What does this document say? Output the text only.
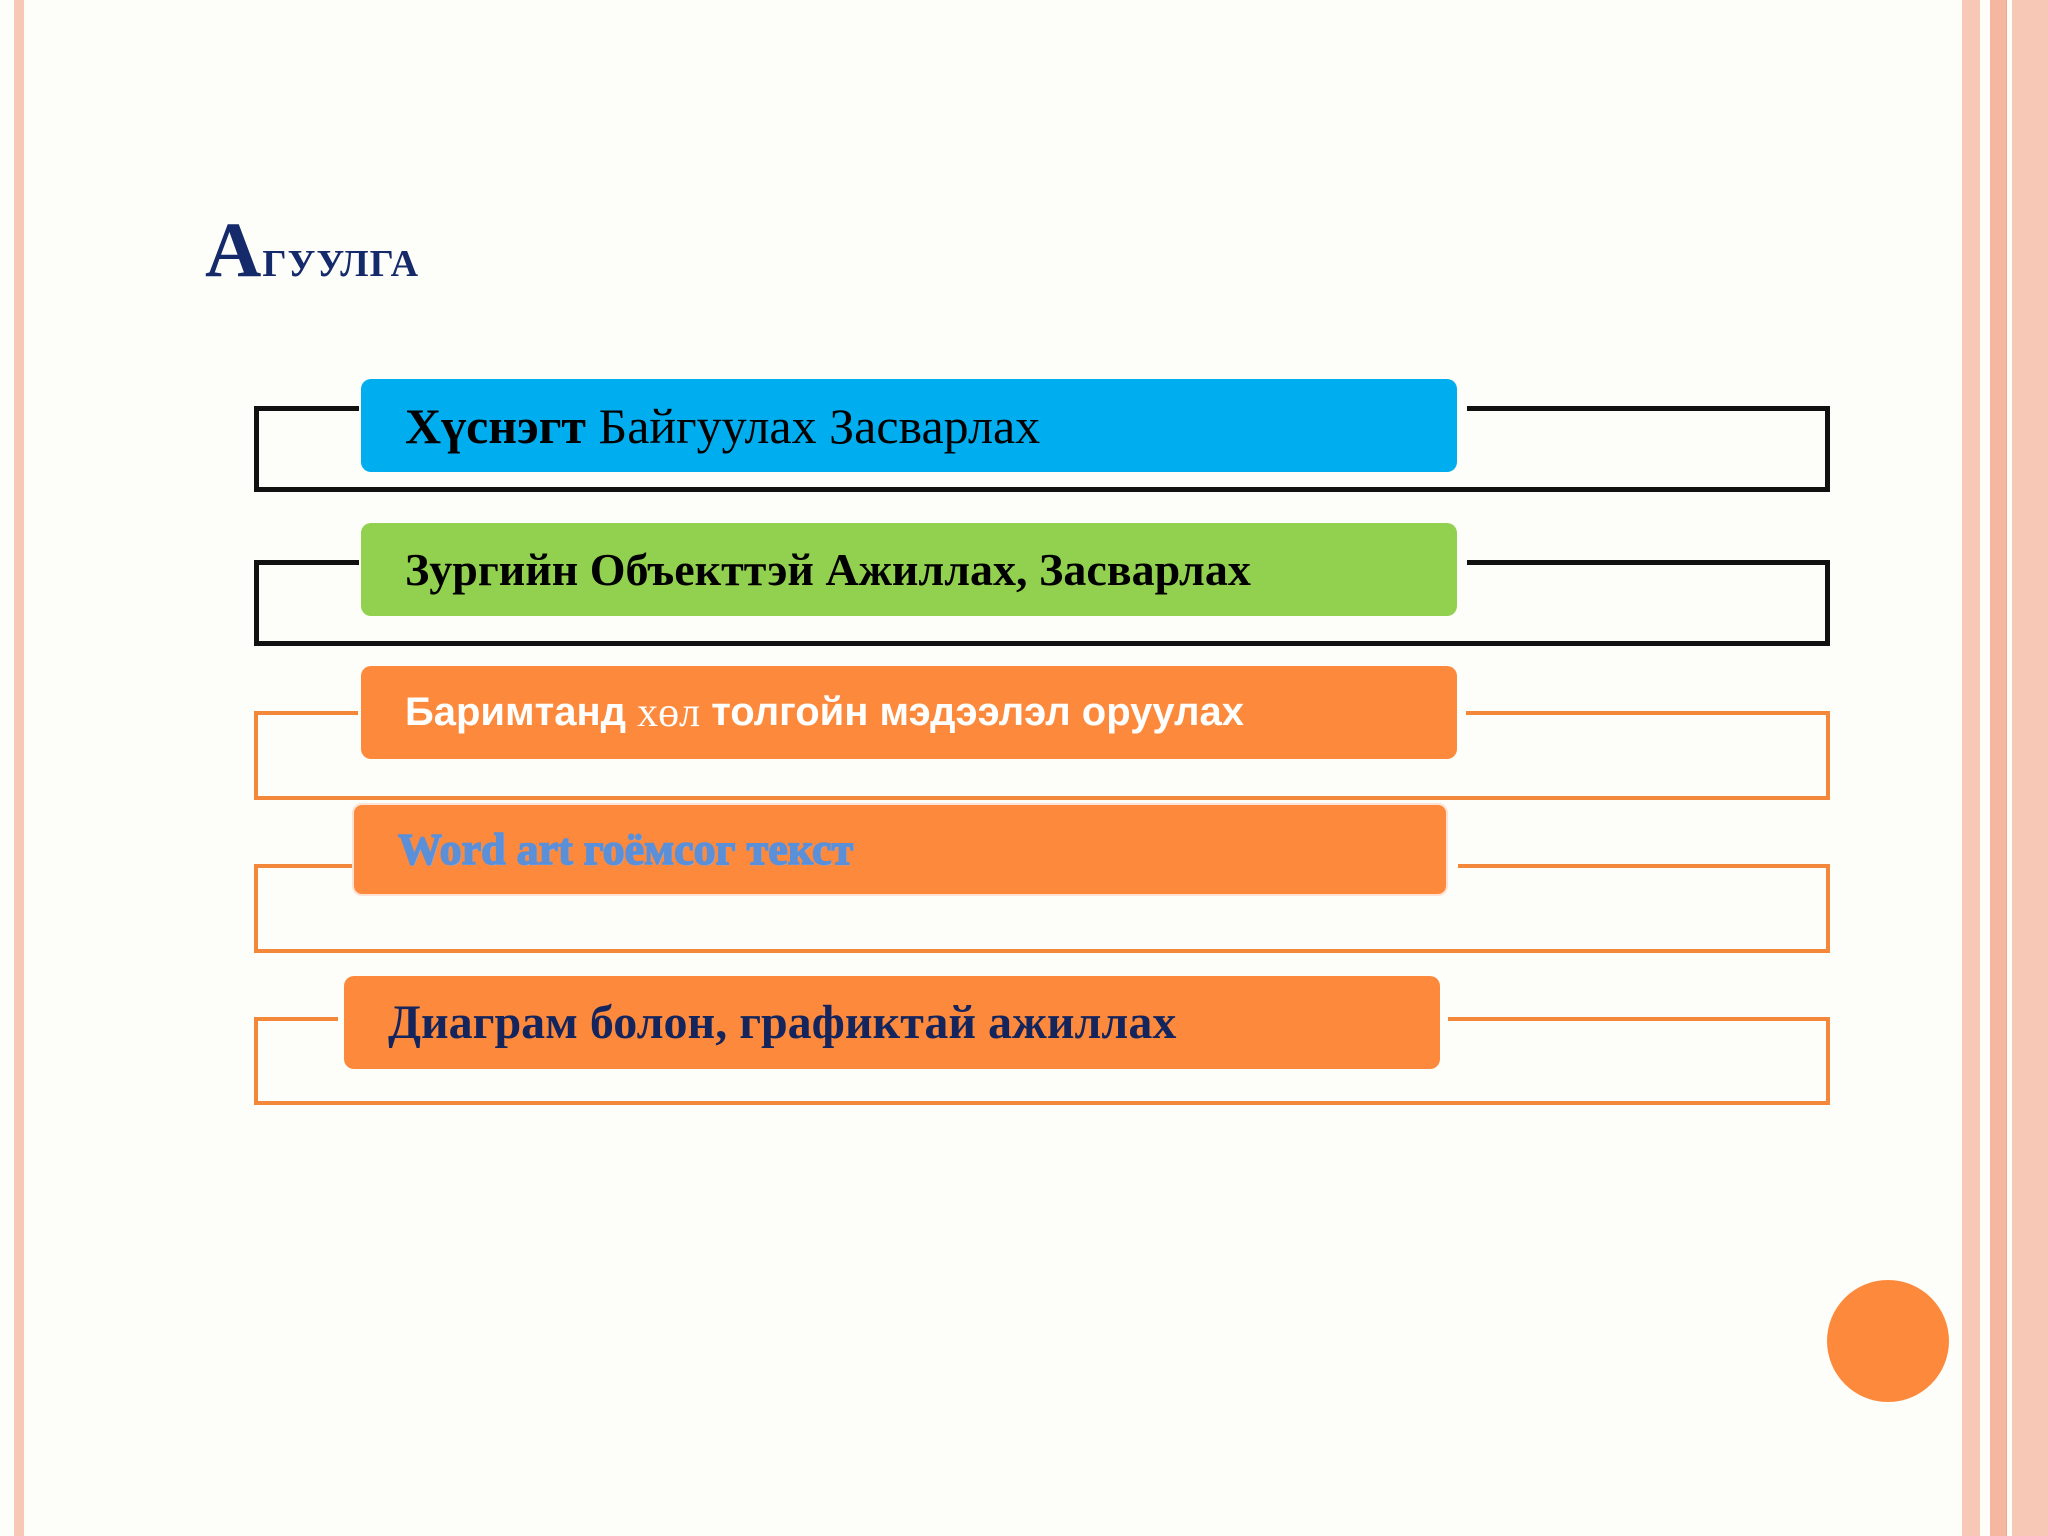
Агуулга
Хүснэгт Байгуулах Засварлах
Зургийн Объекттэй Ажиллах, Засварлах
Баримтанд хөл толгойн мэдээлэл оруулах
Word art гоёмсог текст
Диаграм болон, графиктай ажиллах
